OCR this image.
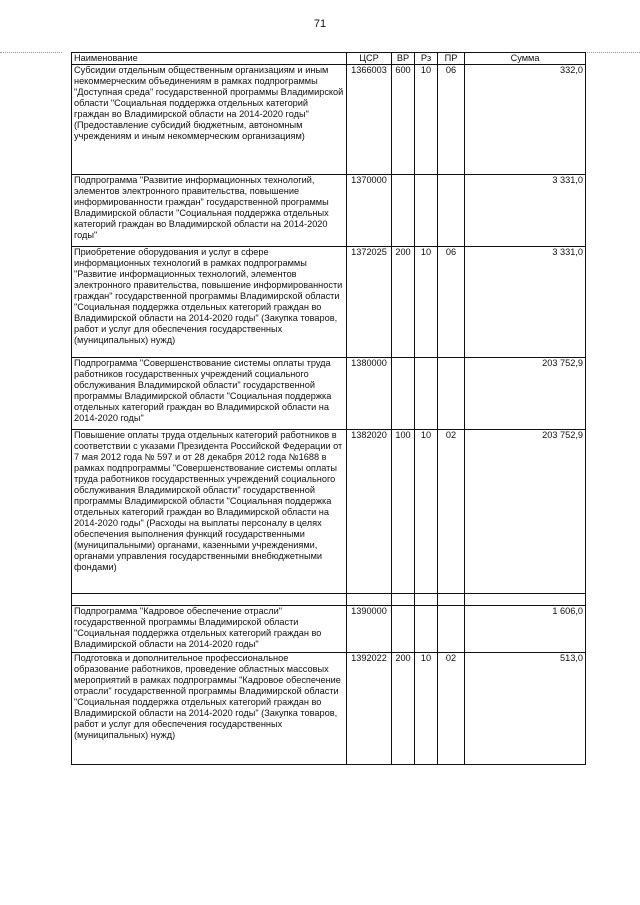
71
Наименование	ЦСР	ВР	Рз	ПР	Сумма
Субсидии отдельным общественным организациям и иным некоммерческим объединениям в рамках подпрограммы "Доступная среда" государственной программы Владимирской области "Социальная поддержка отдельных категорий граждан во Владимирской области на 2014-2020 годы" (Предоставление субсидий бюджетным, автономным учреждениям и иным некоммерческим организациям)	1366003	600	10	06	332,0
Подпрограмма "Развитие информационных технологий, элементов электронного правительства, повышение информированности граждан" государственной программы Владимирской области "Социальная поддержка отдельных категорий граждан во Владимирской области на 2014-2020 годы"	1370000				3 331,0
Приобретение оборудования и услуг в сфере информационных технологий в рамках подпрограммы "Развитие информационных технологий, элементов электронного правительства, повышение информированности граждан" государственной программы Владимирской области "Социальная поддержка отдельных категорий граждан во Владимирской области на 2014-2020 годы" (Закупка товаров, работ и услуг для обеспечения государственных (муниципальных) нужд)	1372025	200	10	06	3 331,0
Подпрограмма "Совершенствование системы оплаты труда работников государственных учреждений социального обслуживания Владимирской области" государственной программы Владимирской области "Социальная поддержка отдельных категорий граждан во Владимирской области на 2014-2020 годы"	1380000				203 752,9
Повышение оплаты труда отдельных категорий работников в соответствии с указами Президента Российской Федерации от 7 мая 2012 года № 597 и от 28 декабря 2012 года №1688 в рамках подпрограммы "Совершенствование системы оплаты труда работников государственных учреждений социального обслуживания Владимирской области" государственной программы Владимирской области "Социальная поддержка отдельных категорий граждан во Владимирской области на 2014-2020 годы" (Расходы на выплаты персоналу в целях обеспечения выполнения функций государственными (муниципальными) органами, казенными учреждениями, органами управления государственными внебюджетными фондами)	1382020	100	10	02	203 752,9

Подпрограмма "Кадровое обеспечение отрасли" государственной программы Владимирской области "Социальная поддержка отдельных категорий граждан во Владимирской области на 2014-2020 годы"	1390000				1 606,0
Подготовка и дополнительное профессиональное образование работников, проведение областных массовых мероприятий в рамках подпрограммы "Кадровое обеспечение отрасли" государственной программы Владимирской области "Социальная поддержка отдельных категорий граждан во Владимирской области на 2014-2020 годы" (Закупка товаров, работ и услуг для обеспечения государственных (муниципальных) нужд)	1392022	200	10	02	513,0
